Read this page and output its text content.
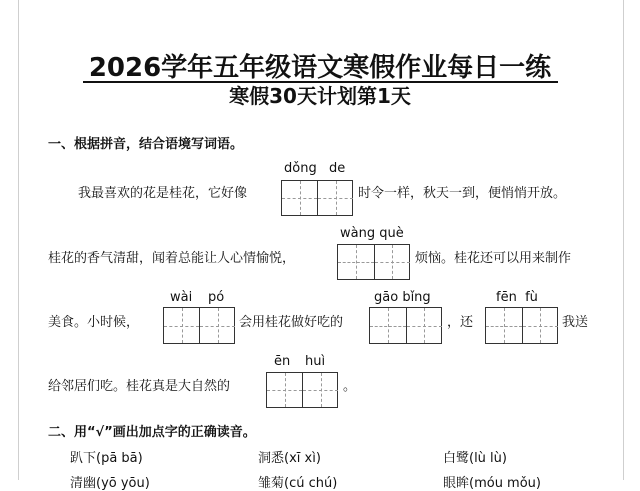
2026学年五年级语文寒假作业每日一练
寒假30天计划第1天
一、根据拼音，结合语境写词语。
dǒng de
我最喜欢的花是桂花，它好像	时令一样，秋天一到，便悄悄开放。
wàng què
桂花的香气清甜，闻着总能让人心情愉悦，	烦恼。桂花还可以用来制作
wài pó	gāo bǐng	fēn fù
美食。小时候，	会用桂花做好吃的	，还	我送
ēn huì
给邻居们吃。桂花真是大自然的	。
二、用“√”画出加点字的正确读音。
趴下(pā bā)	洞悉(xī xì)	白鹭(lù lù)
清幽(yō yōu)	雏菊(cú chú)	眼眸(móu mǒu)
